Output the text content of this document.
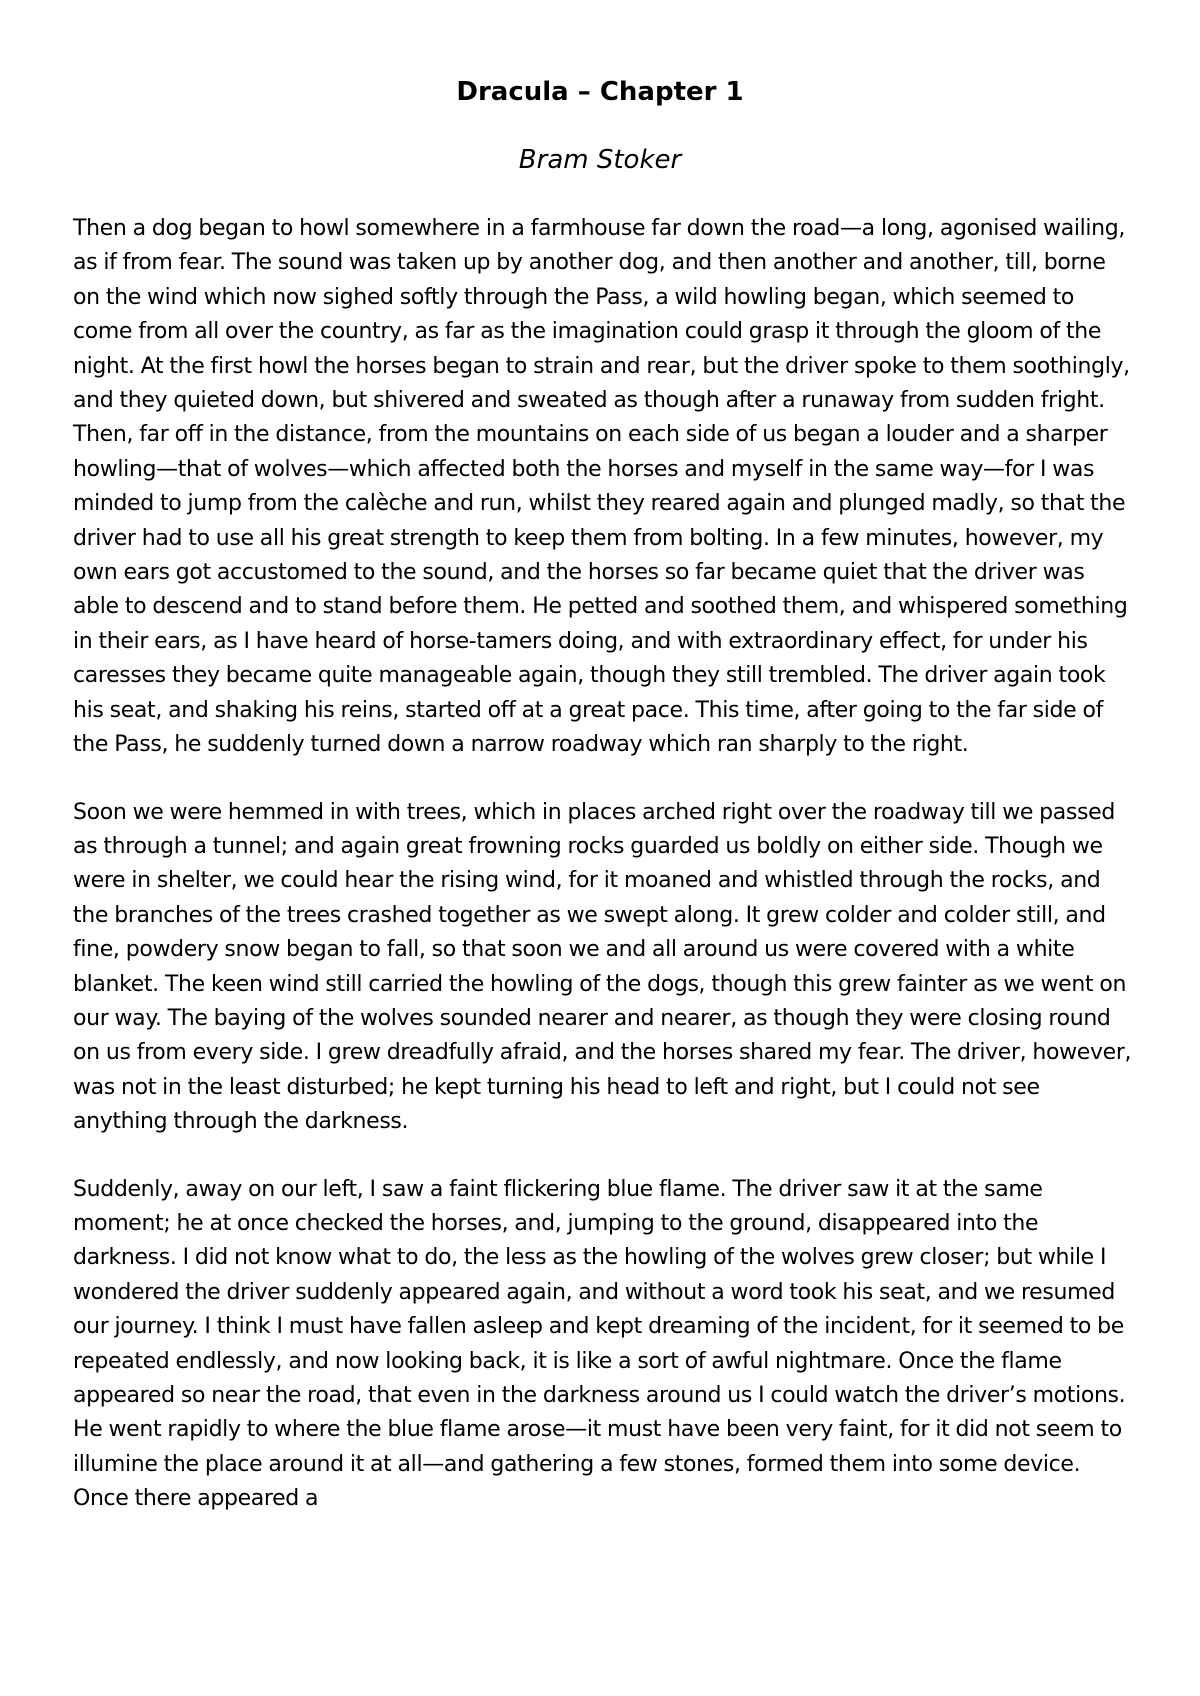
Dracula – Chapter 1
Bram Stoker

Then a dog began to howl somewhere in a farmhouse far down the road—a long, agonised wailing, as if from fear. The sound was taken up by another dog, and then another and another, till, borne on the wind which now sighed softly through the Pass, a wild howling began, which seemed to come from all over the country, as far as the imagination could grasp it through the gloom of the night. At the first howl the horses began to strain and rear, but the driver spoke to them soothingly, and they quieted down, but shivered and sweated as though after a runaway from sudden fright. Then, far off in the distance, from the mountains on each side of us began a louder and a sharper howling—that of wolves—which affected both the horses and myself in the same way—for I was minded to jump from the calèche and run, whilst they reared again and plunged madly, so that the driver had to use all his great strength to keep them from bolting. In a few minutes, however, my own ears got accustomed to the sound, and the horses so far became quiet that the driver was able to descend and to stand before them. He petted and soothed them, and whispered something in their ears, as I have heard of horse-tamers doing, and with extraordinary effect, for under his caresses they became quite manageable again, though they still trembled. The driver again took his seat, and shaking his reins, started off at a great pace. This time, after going to the far side of the Pass, he suddenly turned down a narrow roadway which ran sharply to the right.

Soon we were hemmed in with trees, which in places arched right over the roadway till we passed as through a tunnel; and again great frowning rocks guarded us boldly on either side. Though we were in shelter, we could hear the rising wind, for it moaned and whistled through the rocks, and the branches of the trees crashed together as we swept along. It grew colder and colder still, and fine, powdery snow began to fall, so that soon we and all around us were covered with a white blanket. The keen wind still carried the howling of the dogs, though this grew fainter as we went on our way. The baying of the wolves sounded nearer and nearer, as though they were closing round on us from every side. I grew dreadfully afraid, and the horses shared my fear. The driver, however, was not in the least disturbed; he kept turning his head to left and right, but I could not see anything through the darkness.

Suddenly, away on our left, I saw a faint flickering blue flame. The driver saw it at the same moment; he at once checked the horses, and, jumping to the ground, disappeared into the darkness. I did not know what to do, the less as the howling of the wolves grew closer; but while I wondered the driver suddenly appeared again, and without a word took his seat, and we resumed our journey. I think I must have fallen asleep and kept dreaming of the incident, for it seemed to be repeated endlessly, and now looking back, it is like a sort of awful nightmare. Once the flame appeared so near the road, that even in the darkness around us I could watch the driver’s motions. He went rapidly to where the blue flame arose—it must have been very faint, for it did not seem to illumine the place around it at all—and gathering a few stones, formed them into some device. Once there appeared a
